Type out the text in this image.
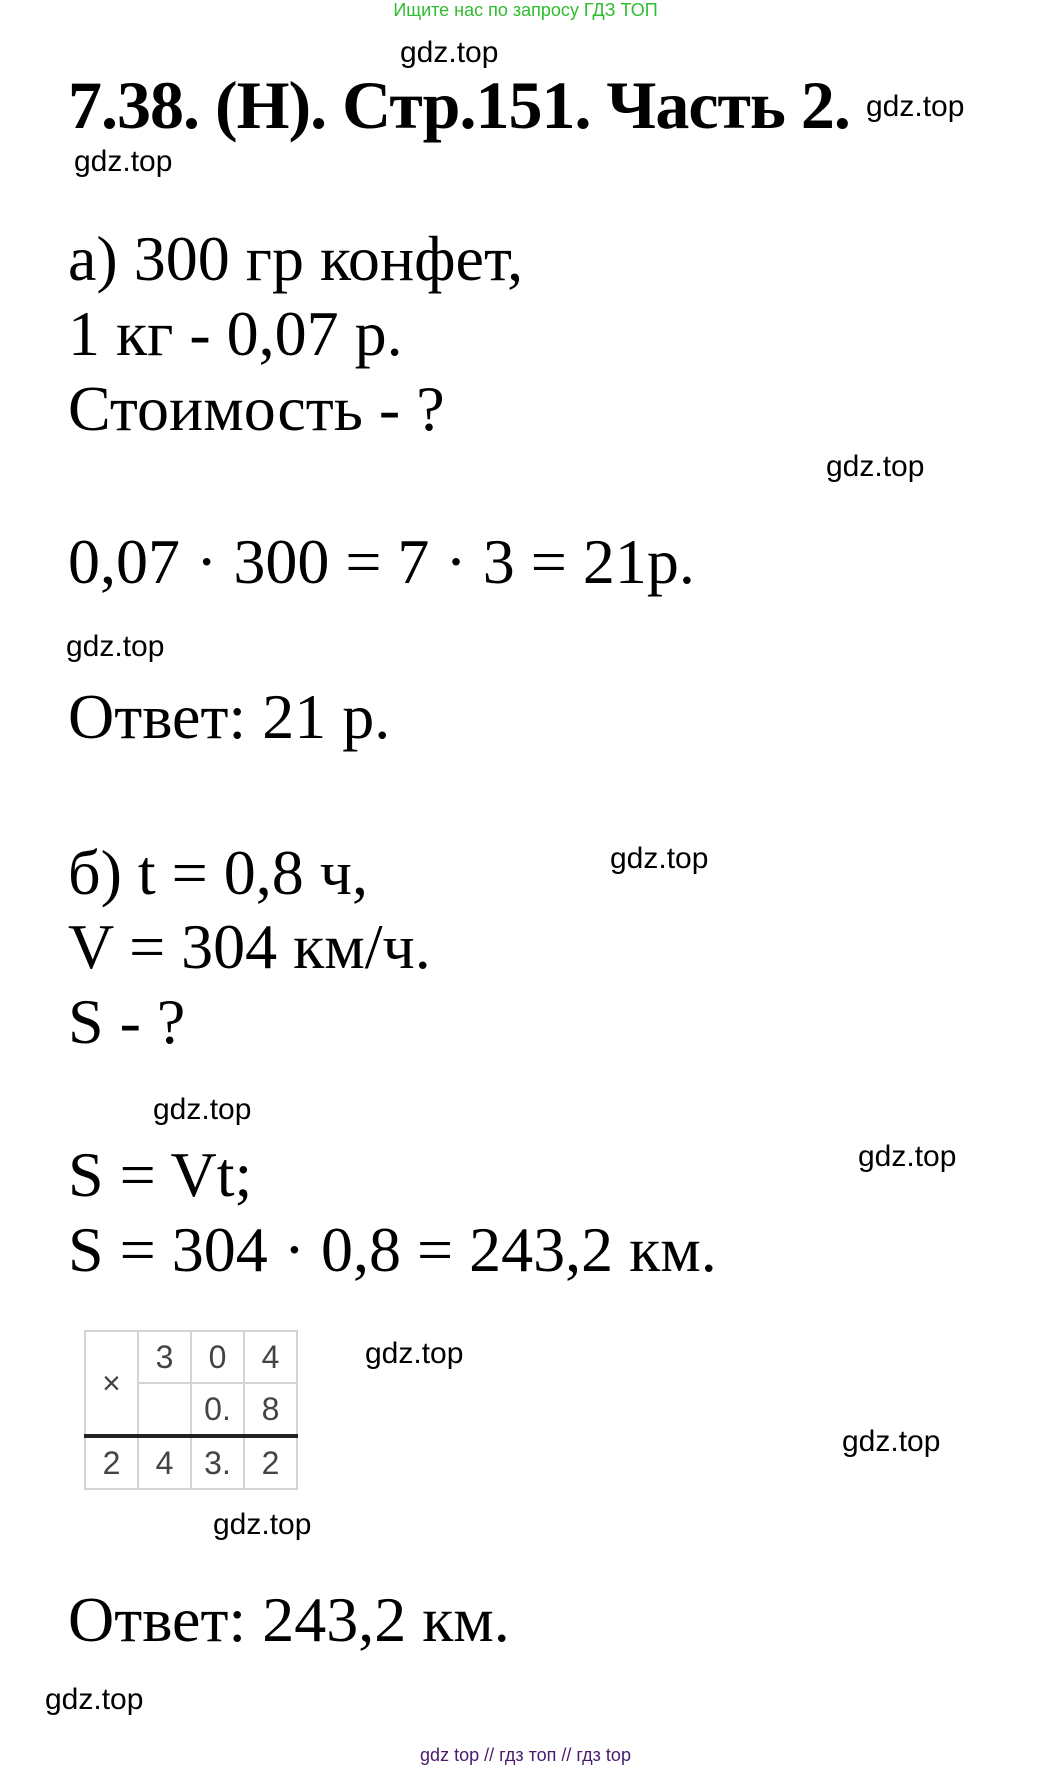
Ищите нас по запросу ГДЗ ТОП
gdz.top
7.38. (Н). Стр.151. Часть 2. gdz.top
gdz.top
а) 300 гр конфет,
1 кг - 0,07 р.
Стоимость - ?
gdz.top
0,07 · 300 = 7 · 3 = 21р.
gdz.top
Ответ: 21 р.
б) t = 0,8 ч,	gdz.top
V = 304 км/ч.
S - ?
gdz.top
S = Vt;	gdz.top
S = 304 · 0,8 = 243,2 км.
×	3	0	4
		0.	8
2	4	3.	2
gdz.top
gdz.top
gdz.top
Ответ: 243,2 км.
gdz.top
gdz top // гдз топ // гдз top
